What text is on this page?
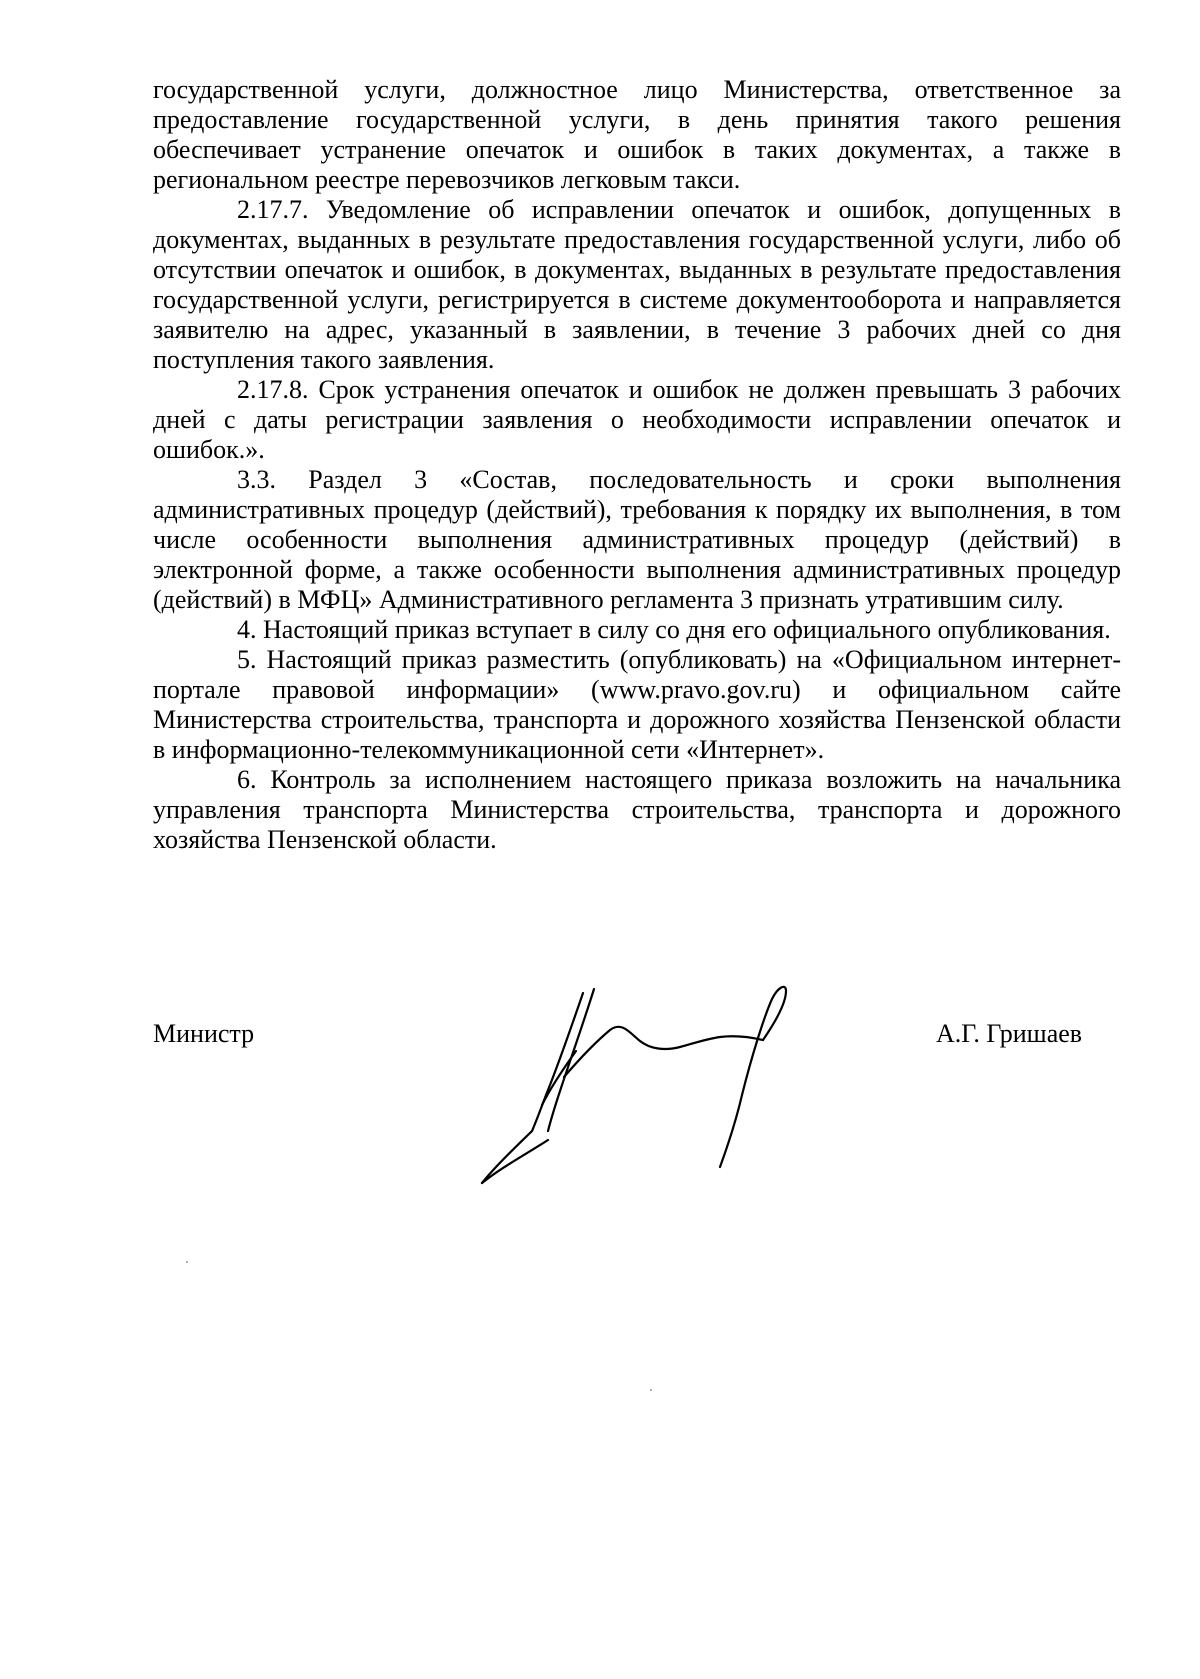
государственной услуги, должностное лицо Министерства, ответственное за предоставление государственной услуги, в день принятия такого решения обеспечивает устранение опечаток и ошибок в таких документах, а также в региональном реестре перевозчиков легковым такси.

2.17.7. Уведомление об исправлении опечаток и ошибок, допущенных в документах, выданных в результате предоставления государственной услуги, либо об отсутствии опечаток и ошибок, в документах, выданных в результате предоставления государственной услуги, регистрируется в системе документооборота и направляется заявителю на адрес, указанный в заявлении, в течение 3 рабочих дней со дня поступления такого заявления.

2.17.8. Срок устранения опечаток и ошибок не должен превышать 3 рабочих дней с даты регистрации заявления о необходимости исправлении опечаток и ошибок.».

3.3. Раздел 3 «Состав, последовательность и сроки выполнения административных процедур (действий), требования к порядку их выполнения, в том числе особенности выполнения административных процедур (действий) в электронной форме, а также особенности выполнения административных процедур (действий) в МФЦ» Административного регламента 3 признать утратившим силу.

4. Настоящий приказ вступает в силу со дня его официального опубликования.

5. Настоящий приказ разместить (опубликовать) на «Официальном интернет-портале правовой информации» (www.pravo.gov.ru) и официальном сайте Министерства строительства, транспорта и дорожного хозяйства Пензенской области в информационно-телекоммуникационной сети «Интернет».

6. Контроль за исполнением настоящего приказа возложить на начальника управления транспорта Министерства строительства, транспорта и дорожного хозяйства Пензенской области.

Министр	А.Г. Гришаев
